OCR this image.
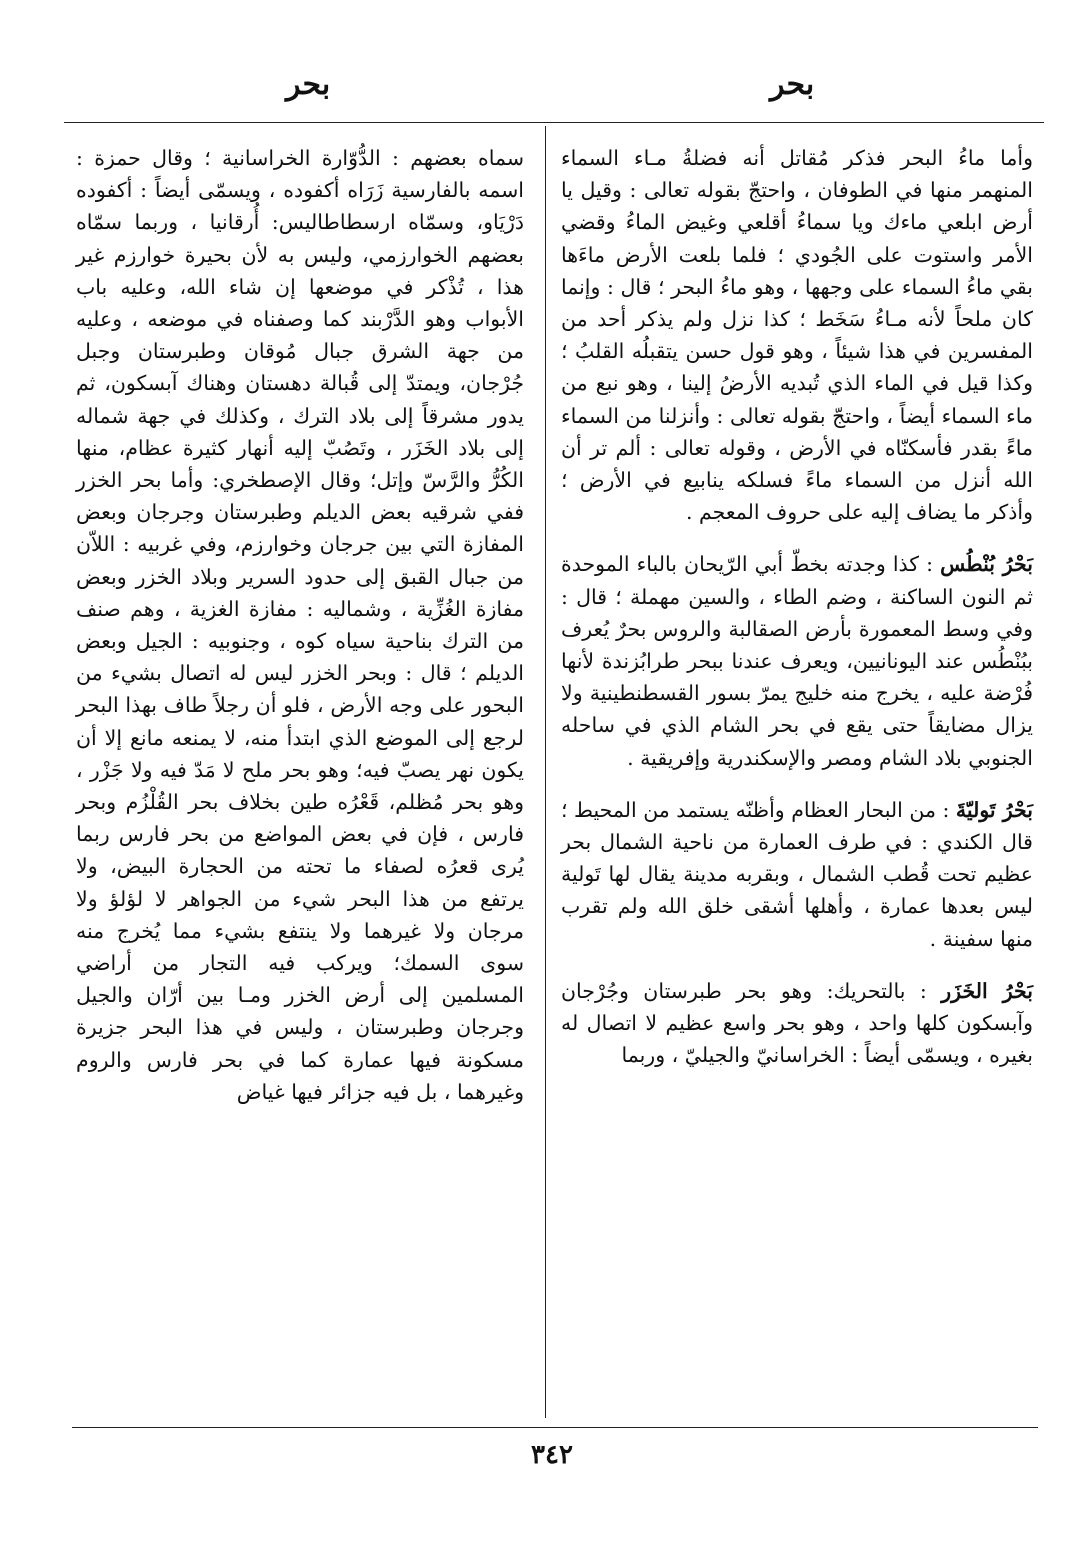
بحر
بحر

وأما ماءُ البحر فذكر مُقاتل أنه فضلةُ مـاء السماء المنهمر منها في الطوفان ، واحتجّ بقوله تعالى : وقيل يا أرض ابلعي ماءك ويا سماءُ أقلعي وغيض الماءُ وقضي الأمر واستوت على الجُودي ؛ فلما بلعت الأرض ماءَها بقي ماءُ السماء على وجهها ، وهو ماءُ البحر ؛ قال : وإنما كان ملحاً لأنه مـاءُ سَخَط ؛ كذا نزل ولم يذكر أحد من المفسرين في هذا شيئاً ، وهو قول حسن يتقبلُه القلبُ ؛ وكذا قيل في الماء الذي تُبديه الأرضُ إلينا ، وهو نبع من ماء السماء أيضاً ، واحتجّ بقوله تعالى : وأنزلنا من السماء ماءً بقدر فأسكنّاه في الأرض ، وقوله تعالى : ألم تر أن الله أنزل من السماء ماءً فسلكه ينابيع في الأرض ؛ وأذكر ما يضاف إليه على حروف المعجم .

بَحْرُ بُنْطُس : كذا وجدته بخطّ أبي الرّيحان بالباء الموحدة ثم النون الساكنة ، وضم الطاء ، والسين مهملة ؛ قال : وفي وسط المعمورة بأرض الصقالبة والروس بحرٌ يُعرف ببُنْطُس عند اليونانيين، ويعرف عندنا ببحر طرابُزندة لأنها فُرْضة عليه ، يخرج منه خليج يمرّ بسور القسطنطينية ولا يزال مضايقاً حتى يقع في بحر الشام الذي في ساحله الجنوبي بلاد الشام ومصر والإسكندرية وإفريقية .

بَحْرُ تَوليّةَ : من البحار العظام وأظنّه يستمد من المحيط ؛ قال الكندي : في طرف العمارة من ناحية الشمال بحر عظيم تحت قُطب الشمال ، وبقربه مدينة يقال لها تَولية ليس بعدها عمارة ، وأهلها أشقى خلق الله ولم تقرب منها سفينة .

بَحْرُ الخَزَر : بالتحريك: وهو بحر طبرستان وجُرْجان وآبسكون كلها واحد ، وهو بحر واسع عظيم لا اتصال له بغيره ، ويسمّى أيضاً : الخراسانيّ والجيليّ ، وربما

سماه بعضهم : الدُّوّارة الخراسانية ؛ وقال حمزة : اسمه بالفارسية زَرَاه أكفوده ، ويسمّى أيضاً : أكفوده دَرْيَاو، وسمّاه ارسطاطاليس: أُرقانيا ، وربما سمّاه بعضهم الخوارزمي، وليس به لأن بحيرة خوارزم غير هذا ، تُذْكر في موضعها إن شاء الله، وعليه باب الأبواب وهو الدَّرْبند كما وصفناه في موضعه ، وعليه من جهة الشرق جبال مُوقان وطبرستان وجبل جُرْجان، ويمتدّ إلى قُبالة دهستان وهناك آبسكون، ثم يدور مشرقاً إلى بلاد الترك ، وكذلك في جهة شماله إلى بلاد الخَزَر ، وتَصُبّ إليه أنهار كثيرة عظام، منها الكُرُّ والرَّسّ وإتل؛ وقال الإصطخري: وأما بحر الخزر ففي شرقيه بعض الديلم وطبرستان وجرجان وبعض المفازة التي بين جرجان وخوارزم، وفي غربيه : اللاّن من جبال القبق إلى حدود السرير وبلاد الخزر وبعض مفازة الغُزِّية ، وشماليه : مفازة الغزية ، وهم صنف من الترك بناحية سياه كوه ، وجنوبيه : الجيل وبعض الديلم ؛ قال : وبحر الخزر ليس له اتصال بشيء من البحور على وجه الأرض ، فلو أن رجلاً طاف بهذا البحر لرجع إلى الموضع الذي ابتدأ منه، لا يمنعه مانع إلا أن يكون نهر يصبّ فيه؛ وهو بحر ملح لا مَدّ فيه ولا جَزْر ، وهو بحر مُظلم، قَعْرُه طين بخلاف بحر القُلْزُم وبحر فارس ، فإن في بعض المواضع من بحر فارس ربما يُرى قعرُه لصفاء ما تحته من الحجارة البيض، ولا يرتفع من هذا البحر شيء من الجواهر لا لؤلؤ ولا مرجان ولا غيرهما ولا ينتفع بشيء مما يُخرج منه سوى السمك؛ ويركب فيه التجار من أراضي المسلمين إلى أرض الخزر ومـا بين أرّان والجيل وجرجان وطبرستان ، وليس في هذا البحر جزيرة مسكونة فيها عمارة كما في بحر فارس والروم وغيرهما ، بل فيه جزائر فيها غياض

٣٤٢
